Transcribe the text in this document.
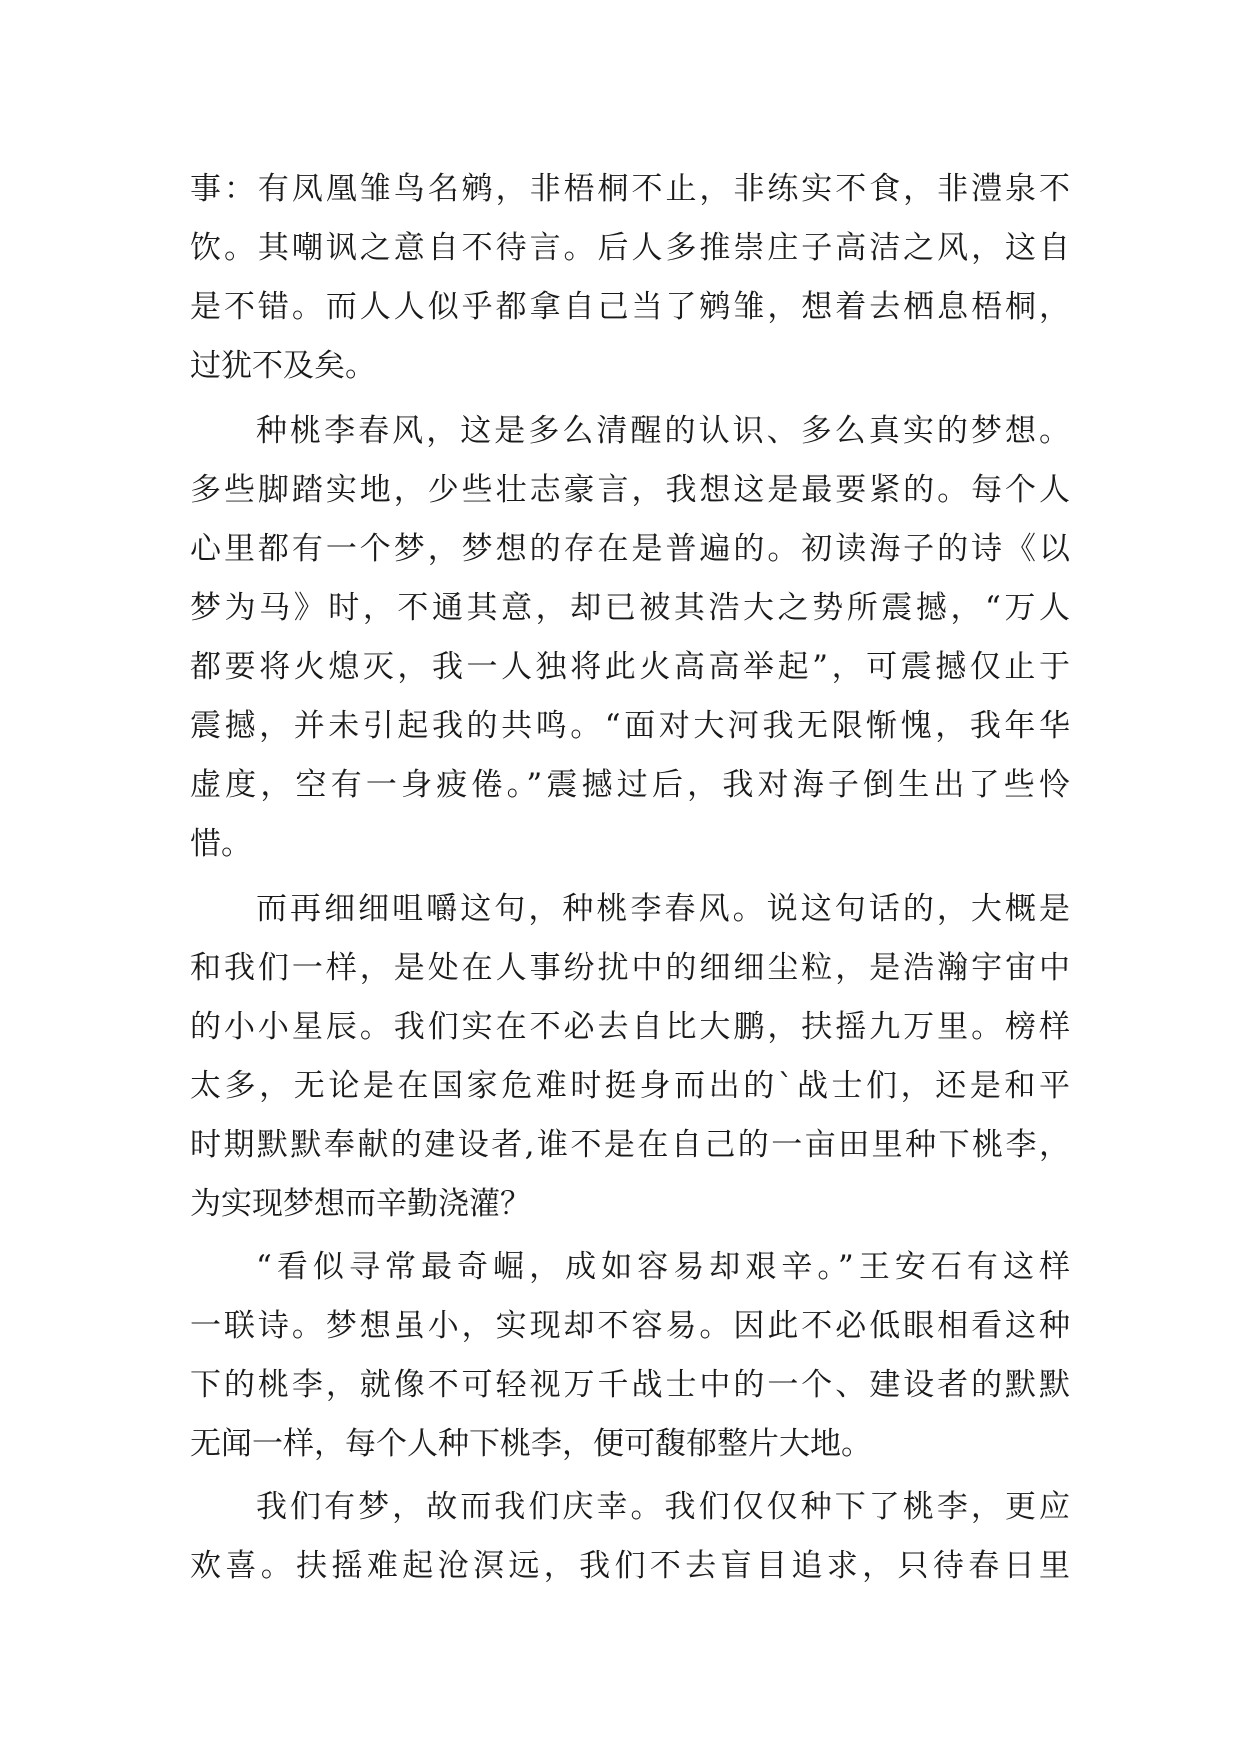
事：有凤凰雏鸟名鹓，非梧桐不止，非练实不食，非澧泉不
饮。其嘲讽之意自不待言。后人多推崇庄子高洁之风，这自
是不错。而人人似乎都拿自己当了鹓雏，想着去栖息梧桐，
过犹不及矣。
种桃李春风，这是多么清醒的认识、多么真实的梦想。
多些脚踏实地，少些壮志豪言，我想这是最要紧的。每个人
心里都有一个梦，梦想的存在是普遍的。初读海子的诗《以
梦为马》时，不通其意，却已被其浩大之势所震撼，“万人
都要将火熄灭，我一人独将此火高高举起”，可震撼仅止于
震撼，并未引起我的共鸣。“面对大河我无限惭愧，我年华
虚度，空有一身疲倦。”震撼过后，我对海子倒生出了些怜
惜。
而再细细咀嚼这句，种桃李春风。说这句话的，大概是
和我们一样，是处在人事纷扰中的细细尘粒，是浩瀚宇宙中
的小小星辰。我们实在不必去自比大鹏，扶摇九万里。榜样
太多，无论是在国家危难时挺身而出的`战士们，还是和平
时期默默奉献的建设者,谁不是在自己的一亩田里种下桃李，
为实现梦想而辛勤浇灌？
“看似寻常最奇崛，成如容易却艰辛。”王安石有这样
一联诗。梦想虽小，实现却不容易。因此不必低眼相看这种
下的桃李，就像不可轻视万千战士中的一个、建设者的默默
无闻一样，每个人种下桃李，便可馥郁整片大地。
我们有梦，故而我们庆幸。我们仅仅种下了桃李，更应
欢喜。扶摇难起沧溟远，我们不去盲目追求，只待春日里
